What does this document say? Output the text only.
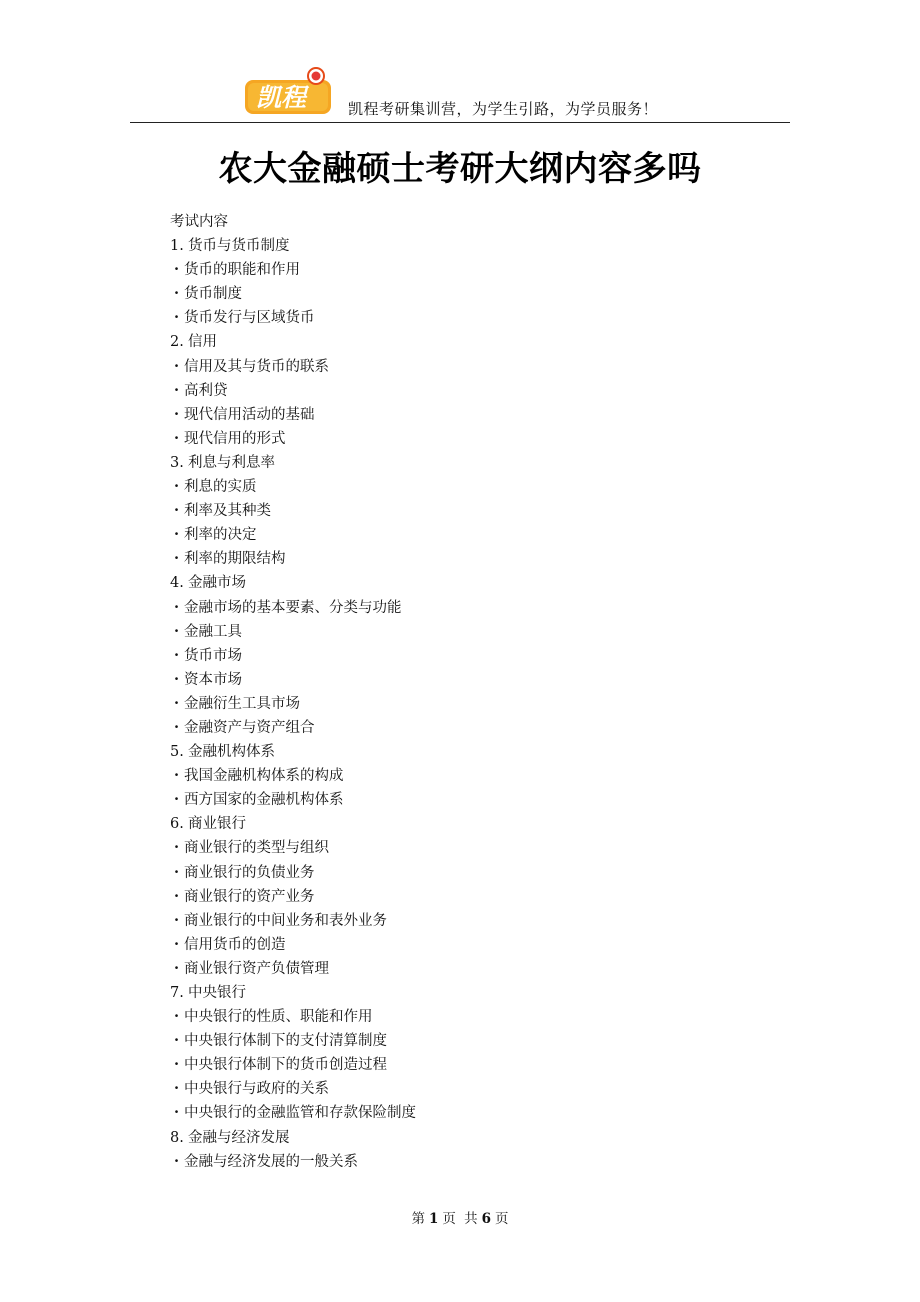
凯程	凯程考研集训营，为学生引路，为学员服务！
农大金融硕士考研大纲内容多吗
考试内容
1. 货币与货币制度
· 货币的职能和作用
· 货币制度
· 货币发行与区域货币
2. 信用
· 信用及其与货币的联系
· 高利贷
· 现代信用活动的基础
· 现代信用的形式
3. 利息与利息率
· 利息的实质
· 利率及其种类
· 利率的决定
· 利率的期限结构
4. 金融市场
· 金融市场的基本要素、分类与功能
· 金融工具
· 货币市场
· 资本市场
· 金融衍生工具市场
· 金融资产与资产组合
5. 金融机构体系
· 我国金融机构体系的构成
· 西方国家的金融机构体系
6. 商业银行
· 商业银行的类型与组织
· 商业银行的负债业务
· 商业银行的资产业务
· 商业银行的中间业务和表外业务
· 信用货币的创造
· 商业银行资产负债管理
7. 中央银行
· 中央银行的性质、职能和作用
· 中央银行体制下的支付清算制度
· 中央银行体制下的货币创造过程
· 中央银行与政府的关系
· 中央银行的金融监管和存款保险制度
8. 金融与经济发展
· 金融与经济发展的一般关系
第 1 页 共 6 页
